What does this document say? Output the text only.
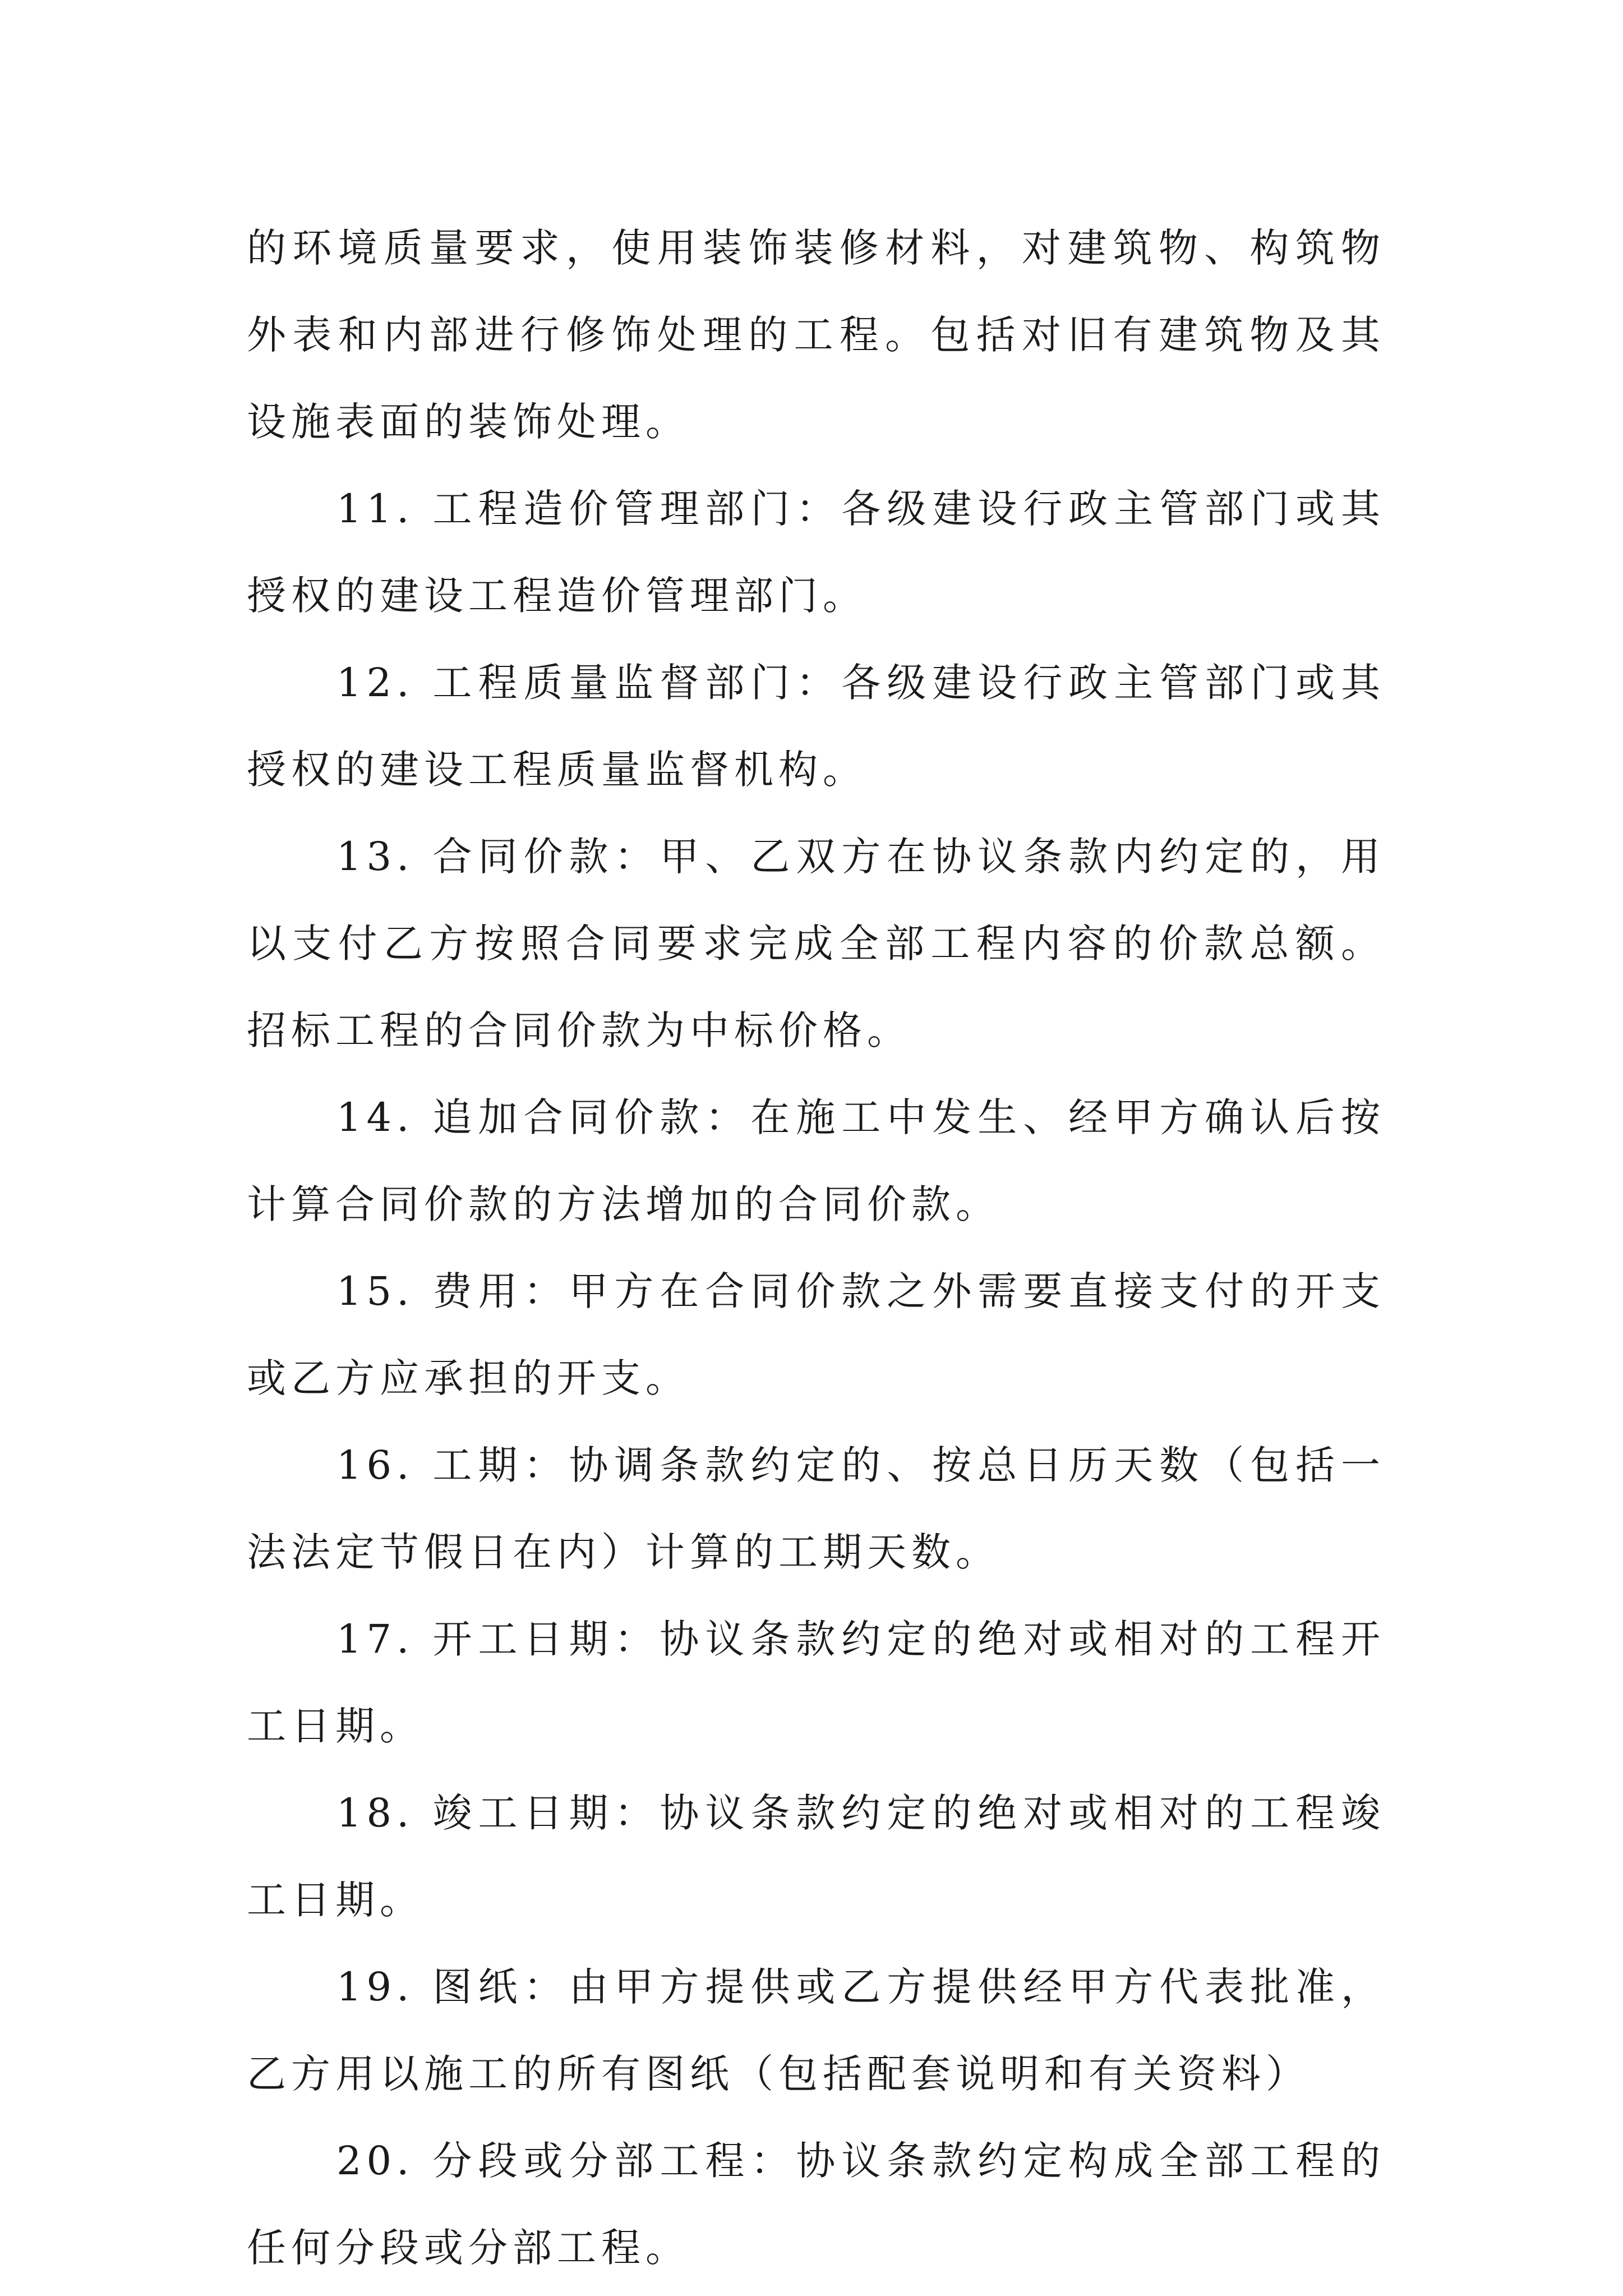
的环境质量要求，使用装饰装修材料，对建筑物、构筑物外表和内部进行修饰处理的工程。包括对旧有建筑物及其设施表面的装饰处理。

11. 工程造价管理部门：各级建设行政主管部门或其授权的建设工程造价管理部门。

12. 工程质量监督部门：各级建设行政主管部门或其授权的建设工程质量监督机构。

13. 合同价款：甲、乙双方在协议条款内约定的，用以支付乙方按照合同要求完成全部工程内容的价款总额。招标工程的合同价款为中标价格。

14. 追加合同价款：在施工中发生、经甲方确认后按计算合同价款的方法增加的合同价款。

15. 费用：甲方在合同价款之外需要直接支付的开支或乙方应承担的开支。

16. 工期：协调条款约定的、按总日历天数（包括一法法定节假日在内）计算的工期天数。

17. 开工日期：协议条款约定的绝对或相对的工程开工日期。

18. 竣工日期：协议条款约定的绝对或相对的工程竣工日期。

19. 图纸：由甲方提供或乙方提供经甲方代表批准，乙方用以施工的所有图纸（包括配套说明和有关资料）

20. 分段或分部工程：协议条款约定构成全部工程的任何分段或分部工程。
